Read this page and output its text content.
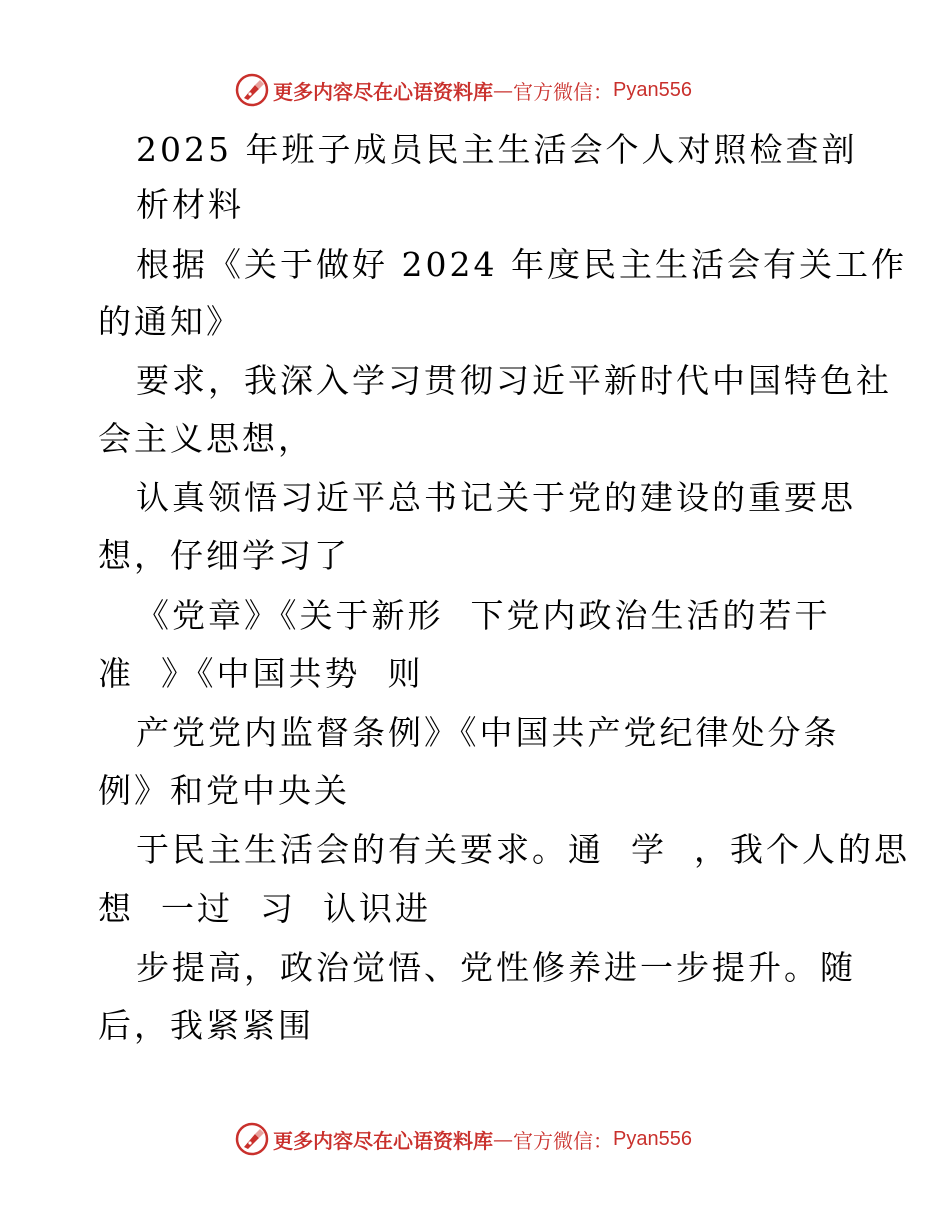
更多内容尽在心语资料库 — 官方微信： Pyan556
2025 年班子成员民主生活会个人对照检查剖
析材料
根据《关于做好 2024 年度民主生活会有关工作
的通知》
要求，我深入学习贯彻习近平新时代中国特色社
会主义思想，
认真领悟习近平总书记关于党的建设的重要思
想，仔细学习了
《党章》《关于新形  下党内政治生活的若干
准  》《中国共势  则
产党党内监督条例》《中国共产党纪律处分条
例》和党中央关
于民主生活会的有关要求。通  学  ，我个人的思
想  一过  习  认识进
步提高，政治觉悟、党性修养进一步提升。随
后，我紧紧围
更多内容尽在心语资料库 — 官方微信： Pyan556
